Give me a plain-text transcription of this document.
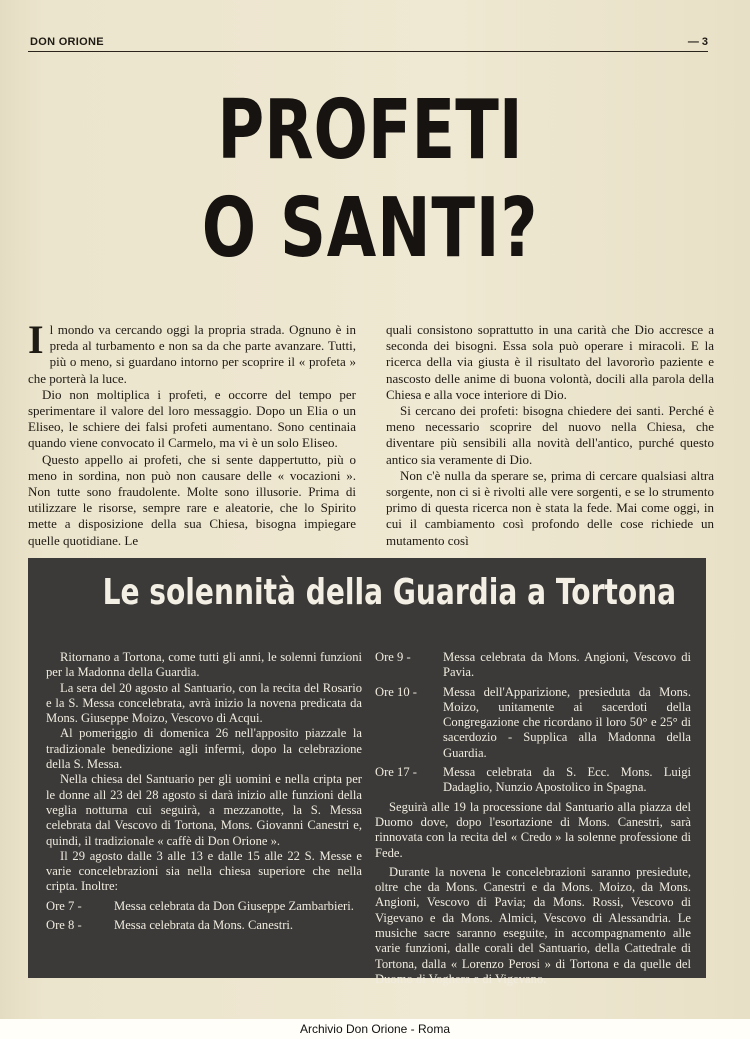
DON ORIONE	— 3
PROFETI
O SANTI?

Il mondo va cercando oggi la propria strada. Ognuno è in preda al turbamento e non sa da che parte avanzare. Tutti, più o meno, si guardano intorno per scoprire il « profeta » che porterà la luce.

Dio non moltiplica i profeti, e occorre del tempo per sperimentare il valore del loro messaggio. Dopo un Elia o un Eliseo, le schiere dei falsi profeti aumentano. Sono centinaia quando viene convocato il Carmelo, ma vi è un solo Eliseo.

Questo appello ai profeti, che si sente dappertutto, più o meno in sordina, non può non causare delle « vocazioni ». Non tutte sono fraudolente. Molte sono illusorie. Prima di utilizzare le risorse, sempre rare e aleatorie, che lo Spirito mette a disposizione della sua Chiesa, bisogna impiegare quelle quotidiane. Le

quali consistono soprattutto in una carità che Dio accresce a seconda dei bisogni. Essa sola può operare i miracoli. E la ricerca della via giusta è il risultato del lavororìo paziente e nascosto delle anime di buona volontà, docili alla parola della Chiesa e alla voce interiore di Dio.

Si cercano dei profeti: bisogna chiedere dei santi. Perché è meno necessario scoprire del nuovo nella Chiesa, che diventare più sensibili alla novità dell'antico, purché questo antico sia veramente di Dio.

Non c'è nulla da sperare se, prima di cercare qualsiasi altra sorgente, non ci si è rivolti alle vere sorgenti, e se lo strumento primo di questa ricerca non è stata la fede. Mai come oggi, in cui il cambiamento così profondo delle cose richiede un mutamento così

Le solennità della Guardia a Tortona

Ritornano a Tortona, come tutti gli anni, le solenni funzioni per la Madonna della Guardia.

La sera del 20 agosto al Santuario, con la recita del Rosario e la S. Messa concelebrata, avrà inizio la novena predicata da Mons. Giuseppe Moizo, Vescovo di Acqui.

Al pomeriggio di domenica 26 nell'apposito piazzale la tradizionale benedizione agli infermi, dopo la celebrazione della S. Messa.

Nella chiesa del Santuario per gli uomini e nella cripta per le donne all 23 del 28 agosto si darà inizio alle funzioni della veglia notturna cui seguirà, a mezzanotte, la S. Messa celebrata dal Vescovo di Tortona, Mons. Giovanni Canestri e, quindi, il tradizionale « caffè di Don Orione ».

Il 29 agosto dalle 3 alle 13 e dalle 15 alle 22 S. Messe e varie concelebrazioni sia nella chiesa superiore che nella cripta. Inoltre:

Ore 7 -	Messa celebrata da Don Giuseppe Zambarbieri.
Ore 8 -	Messa celebrata da Mons. Canestri.
Ore 9 -	Messa celebrata da Mons. Angioni, Vescovo di Pavia.
Ore 10 -	Messa dell'Apparizione, presieduta da Mons. Moizo, unitamente ai sacerdoti della Congregazione che ricordano il loro 50° e 25° di sacerdozio - Supplica alla Madonna della Guardia.
Ore 17 -	Messa celebrata da S. Ecc. Mons. Luigi Dadaglio, Nunzio Apostolico in Spagna.

Seguirà alle 19 la processione dal Santuario alla piazza del Duomo dove, dopo l'esortazione di Mons. Canestri, sarà rinnovata con la recita del « Credo » la solenne professione di Fede.

Durante la novena le concelebrazioni saranno presiedute, oltre che da Mons. Canestri e da Mons. Moizo, da Mons. Angioni, Vescovo di Pavia; da Mons. Rossi, Vescovo di Vigevano e da Mons. Almici, Vescovo di Alessandria. Le musiche sacre saranno eseguite, in accompagnamento alle varie funzioni, dalle corali del Santuario, della Cattedrale di Tortona, dalla « Lorenzo Perosi » di Tortona e da quelle del Duomo di Voghera e di Vigevano.

Archivio Don Orione - Roma
